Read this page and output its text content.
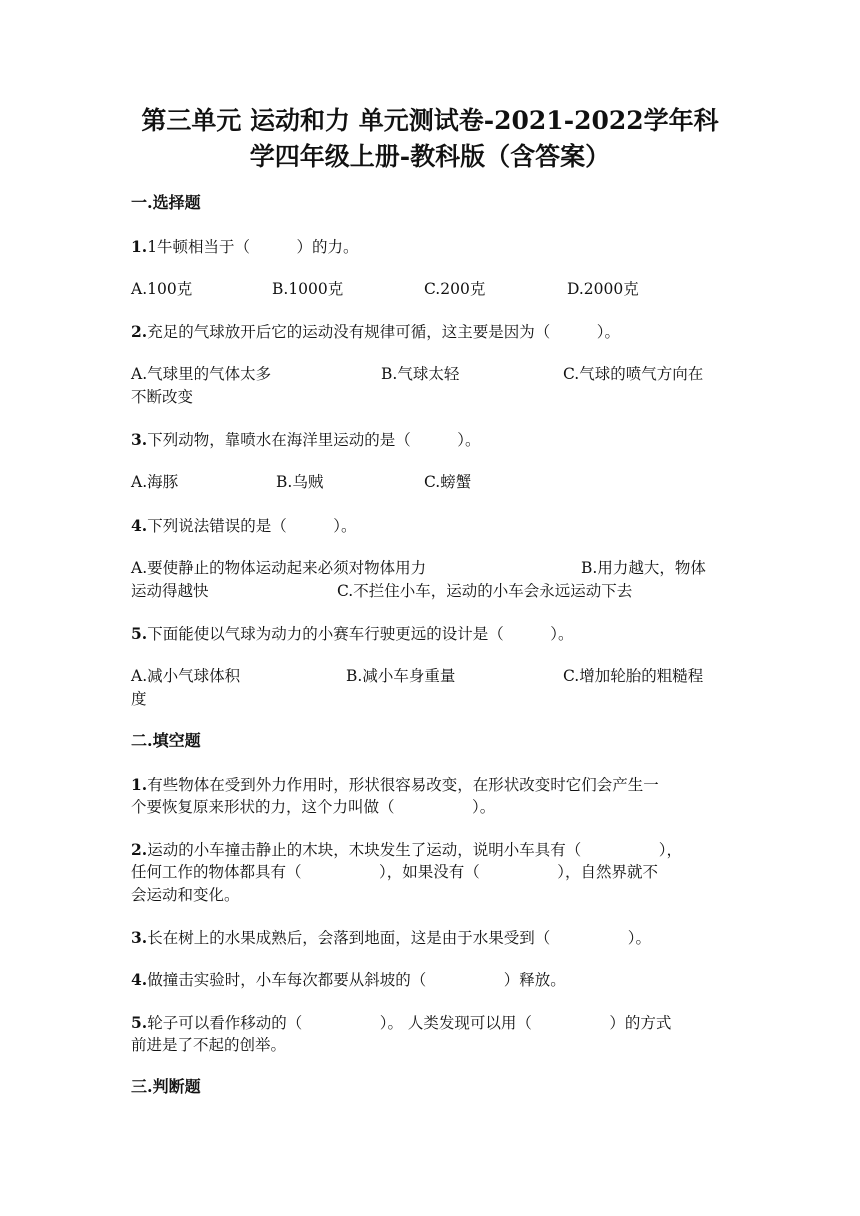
第三单元 运动和力 单元测试卷-2021-2022学年科
学四年级上册-教科版（含答案）
一.选择题

1.1牛顿相当于（　　　）的力。

A.100克	B.1000克	C.200克	D.2000克

2.充足的气球放开后它的运动没有规律可循，这主要是因为（　　　）。

A.气球里的气体太多	B.气球太轻	C.气球的喷气方向在
不断改变

3.下列动物，靠喷水在海洋里运动的是（　　　）。

A.海豚	B.乌贼	C.螃蟹

4.下列说法错误的是（　　　）。

A.要使静止的物体运动起来必须对物体用力	B.用力越大，物体
运动得越快	C.不拦住小车，运动的小车会永远运动下去

5.下面能使以气球为动力的小赛车行驶更远的设计是（　　　）。

A.减小气球体积	B.减小车身重量	C.增加轮胎的粗糙程
度
二.填空题

1.有些物体在受到外力作用时，形状很容易改变，在形状改变时它们会产生一

个要恢复原来形状的力，这个力叫做（　　　　　）。

2.运动的小车撞击静止的木块，木块发生了运动，说明小车具有（　　　　　），

任何工作的物体都具有（　　　　　），如果没有（　　　　　），自然界就不
会运动和变化。

3.长在树上的水果成熟后，会落到地面，这是由于水果受到（　　　　　）。

4.做撞击实验时，小车每次都要从斜坡的（　　　　　）释放。

5.轮子可以看作移动的（　　　　　）。 人类发现可以用（　　　　　）的方式

前进是了不起的创举。
三.判断题
